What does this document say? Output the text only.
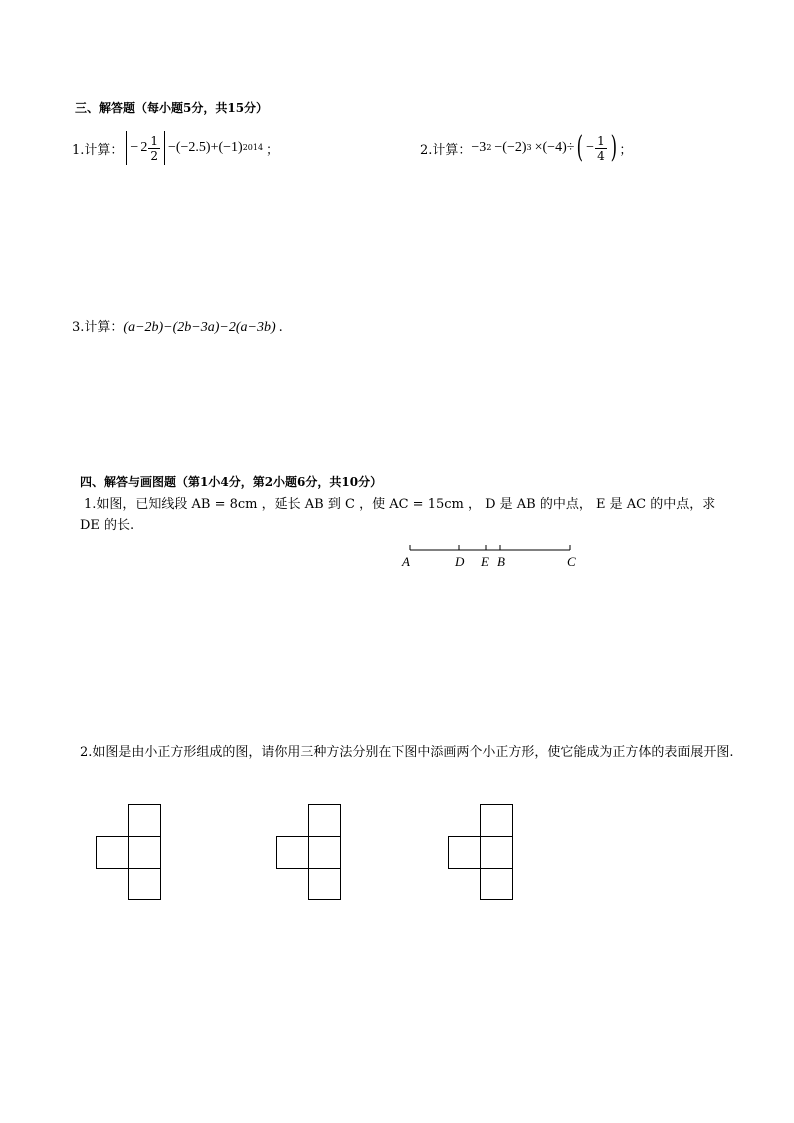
三、解答题（每小题5分，共15分）
1.计算： − $2 \frac{1}{2} -(-2.5)+(-1)$ 2014 ；	2.计算： −3 2 −(−2) 3 ×(−4)÷ ( − $\frac{1}{4}$ ) ；
3.计算：(a−2b)−(2b−3a)−2(a−3b) .
四、解答与画图题（第1小4分，第2小题6分，共10分）
1.如图，已知线段 AB = 8cm ，延长 AB 到 C ，使 AC = 15cm ， D 是 AB 的中点， E 是 AC 的中点，求
DE 的长.
A	D E B	C
2.如图是由小正方形组成的图，请你用三种方法分别在下图中添画两个小正方形，使它能成为正方体的表面展开图.
